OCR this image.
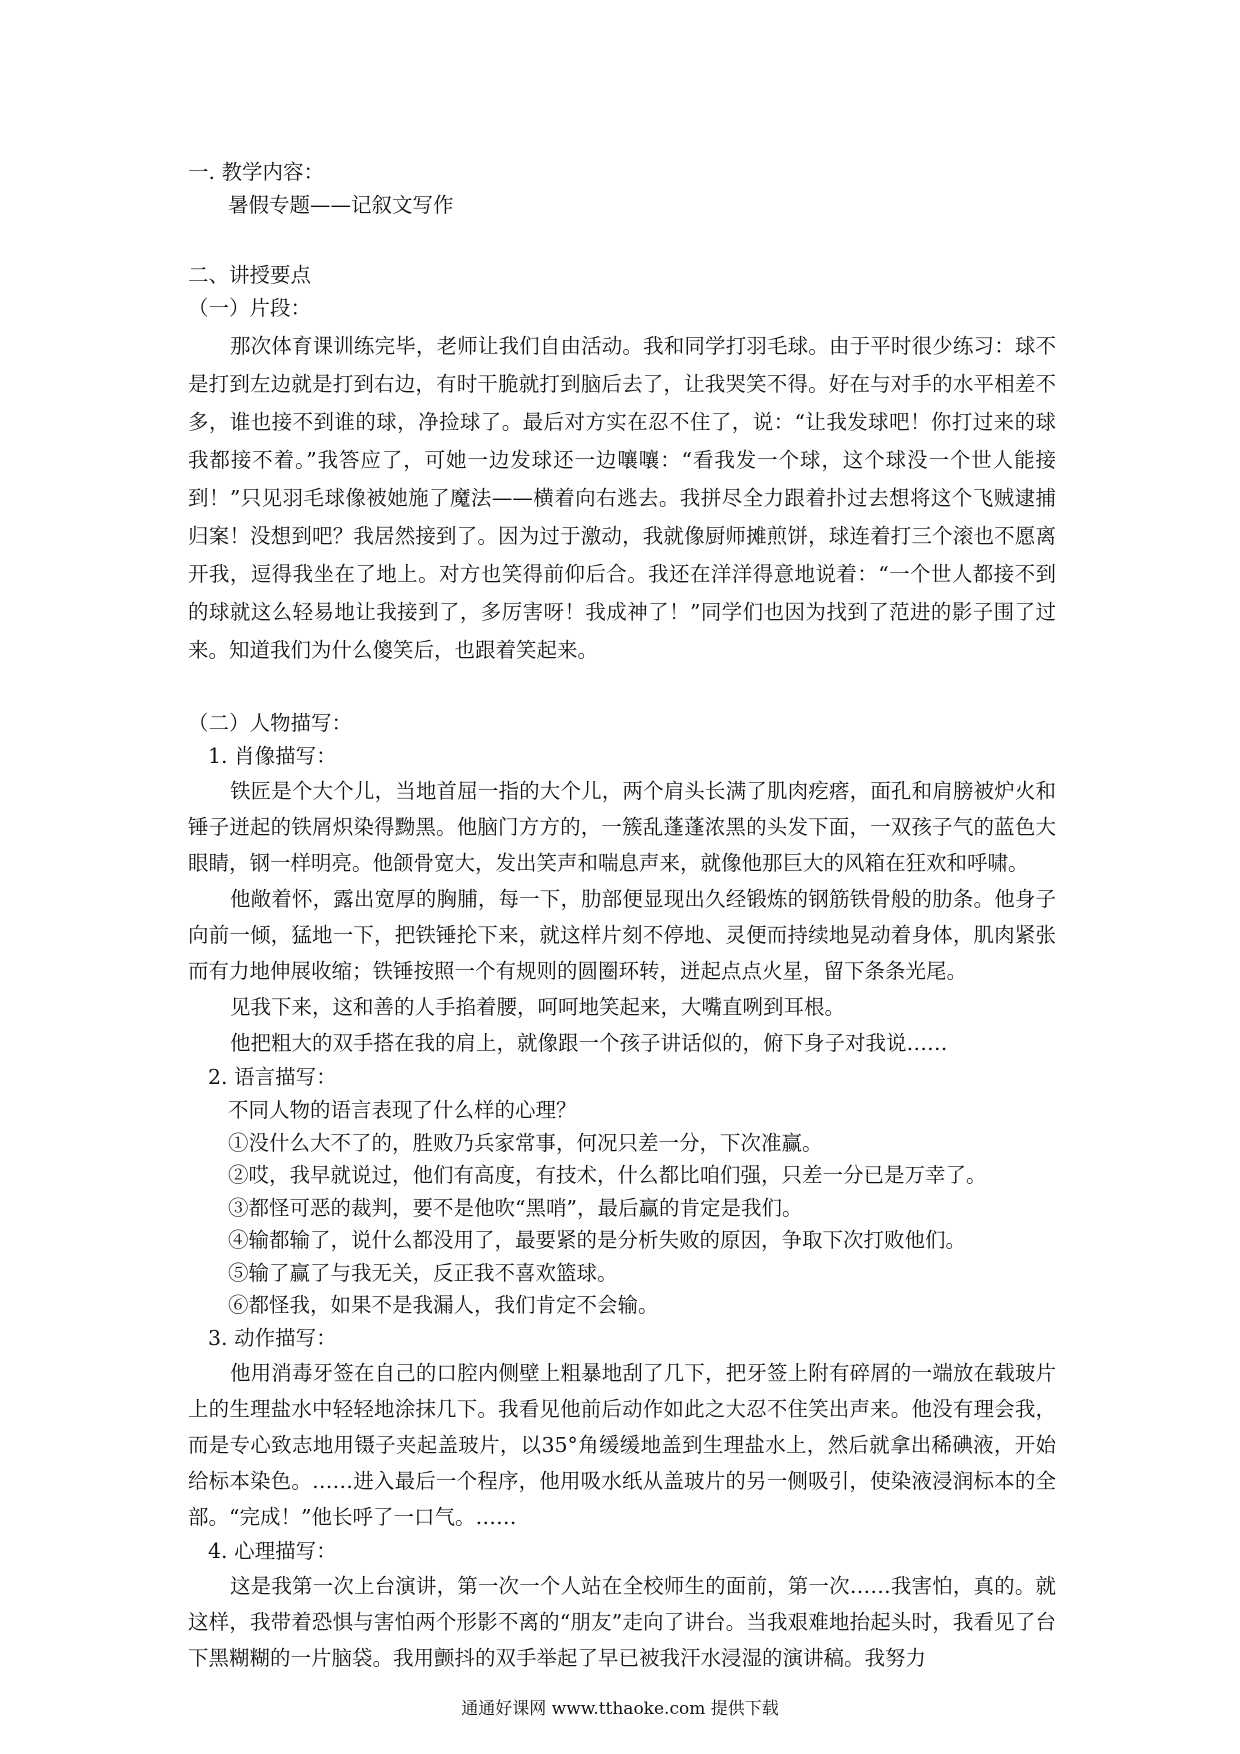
一. 教学内容：
暑假专题——记叙文写作
二、讲授要点
（一）片段：

那次体育课训练完毕，老师让我们自由活动。我和同学打羽毛球。由于平时很少练习：球不是打到左边就是打到右边，有时干脆就打到脑后去了，让我哭笑不得。好在与对手的水平相差不多，谁也接不到谁的球，净捡球了。最后对方实在忍不住了，说：“让我发球吧！你打过来的球我都接不着。”我答应了，可她一边发球还一边嚷嚷：“看我发一个球，这个球没一个世人能接到！”只见羽毛球像被她施了魔法——横着向右逃去。我拼尽全力跟着扑过去想将这个飞贼逮捕归案！没想到吧？我居然接到了。因为过于激动，我就像厨师摊煎饼，球连着打三个滚也不愿离开我，逗得我坐在了地上。对方也笑得前仰后合。我还在洋洋得意地说着：“一个世人都接不到的球就这么轻易地让我接到了，多厉害呀！我成神了！”同学们也因为找到了范进的影子围了过来。知道我们为什么傻笑后，也跟着笑起来。

（二）人物描写：
1. 肖像描写：

铁匠是个大个儿，当地首屈一指的大个儿，两个肩头长满了肌肉疙瘩，面孔和肩膀被炉火和锤子迸起的铁屑炽染得黝黑。他脑门方方的，一簇乱蓬蓬浓黑的头发下面，一双孩子气的蓝色大眼睛，钢一样明亮。他颌骨宽大，发出笑声和喘息声来，就像他那巨大的风箱在狂欢和呼啸。

他敞着怀，露出宽厚的胸脯，每一下，肋部便显现出久经锻炼的钢筋铁骨般的肋条。他身子向前一倾，猛地一下，把铁锤抡下来，就这样片刻不停地、灵便而持续地晃动着身体，肌肉紧张而有力地伸展收缩；铁锤按照一个有规则的圆圈环转，迸起点点火星，留下条条光尾。

见我下来，这和善的人手掐着腰，呵呵地笑起来，大嘴直咧到耳根。

他把粗大的双手搭在我的肩上，就像跟一个孩子讲话似的，俯下身子对我说……

2. 语言描写：
不同人物的语言表现了什么样的心理？
①没什么大不了的，胜败乃兵家常事，何况只差一分，下次准赢。
②哎，我早就说过，他们有高度，有技术，什么都比咱们强，只差一分已是万幸了。
③都怪可恶的裁判，要不是他吹“黑哨”，最后赢的肯定是我们。
④输都输了，说什么都没用了，最要紧的是分析失败的原因，争取下次打败他们。
⑤输了赢了与我无关，反正我不喜欢篮球。
⑥都怪我，如果不是我漏人，我们肯定不会输。
3. 动作描写：

他用消毒牙签在自己的口腔内侧壁上粗暴地刮了几下，把牙签上附有碎屑的一端放在载玻片上的生理盐水中轻轻地涂抹几下。我看见他前后动作如此之大忍不住笑出声来。他没有理会我，而是专心致志地用镊子夹起盖玻片，以35°角缓缓地盖到生理盐水上，然后就拿出稀碘液，开始给标本染色。……进入最后一个程序，他用吸水纸从盖玻片的另一侧吸引，使染液浸润标本的全部。“完成！”他长呼了一口气。……

4. 心理描写：

这是我第一次上台演讲，第一次一个人站在全校师生的面前，第一次……我害怕，真的。就这样，我带着恐惧与害怕两个形影不离的“朋友”走向了讲台。当我艰难地抬起头时，我看见了台下黑糊糊的一片脑袋。我用颤抖的双手举起了早已被我汗水浸湿的演讲稿。我努力

通通好课网 www.tthaoke.com 提供下载
